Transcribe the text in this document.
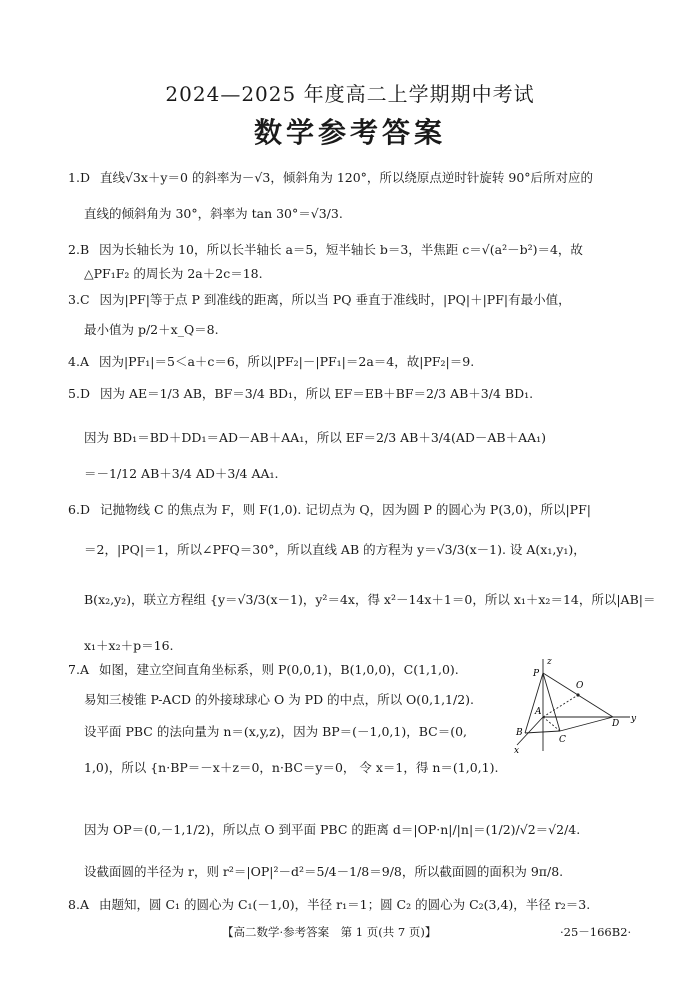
2024—2025 年度高二上学期期中考试
数学参考答案
1.D 直线√3x＋y＝0 的斜率为－√3，倾斜角为 120°，所以绕原点逆时针旋转 90°后所对应的
直线的倾斜角为 30°，斜率为 tan 30°＝√3/3.
2.B 因为长轴长为 10，所以长半轴长 a＝5，短半轴长 b＝3，半焦距 c＝√(a²－b²)＝4，故
△PF₁F₂ 的周长为 2a＋2c＝18.
3.C 因为|PF|等于点 P 到准线的距离，所以当 PQ 垂直于准线时，|PQ|＋|PF|有最小值，
最小值为 p/2＋x_Q＝8.
4.A 因为|PF₁|＝5＜a＋c＝6，所以|PF₂|－|PF₁|＝2a＝4，故|PF₂|＝9.
5.D 因为 AE＝1/3 AB，BF＝3/4 BD₁，所以 EF＝EB＋BF＝2/3 AB＋3/4 BD₁.
因为 BD₁＝BD＋DD₁＝AD－AB＋AA₁，所以 EF＝2/3 AB＋3/4(AD－AB＋AA₁)
＝－1/12 AB＋3/4 AD＋3/4 AA₁.
6.D 记抛物线 C 的焦点为 F，则 F(1,0). 记切点为 Q，因为圆 P 的圆心为 P(3,0)，所以|PF|
＝2，|PQ|＝1，所以∠PFQ＝30°，所以直线 AB 的方程为 y＝√3/3(x－1). 设 A(x₁,y₁)，
B(x₂,y₂)，联立方程组 {y＝√3/3(x－1)，y²＝4x，得 x²－14x＋1＝0，所以 x₁＋x₂＝14，所以|AB|＝
x₁＋x₂＋p＝16.
7.A 如图，建立空间直角坐标系，则 P(0,0,1)，B(1,0,0)，C(1,1,0).
易知三棱锥 P-ACD 的外接球球心 O 为 PD 的中点，所以 O(0,1,1/2).
设平面 PBC 的法向量为 n＝(x,y,z)，因为 BP＝(－1,0,1)，BC＝(0,
1,0)，所以 {n·BP＝－x＋z＝0，n·BC＝y＝0， 令 x＝1，得 n＝(1,0,1).
因为 OP＝(0,－1,1/2)，所以点 O 到平面 PBC 的距离 d＝|OP·n|/|n|＝(1/2)/√2＝√2/4.
设截面圆的半径为 r，则 r²＝|OP|²－d²＝5/4－1/8＝9/8，所以截面圆的面积为 9π/8.
8.A 由题知，圆 C₁ 的圆心为 C₁(－1,0)，半径 r₁＝1；圆 C₂ 的圆心为 C₂(3,4)，半径 r₂＝3.
z
P
O
A
B
C
D
x
y
【高二数学·参考答案　第 1 页(共 7 页)】	·25－166B2·
